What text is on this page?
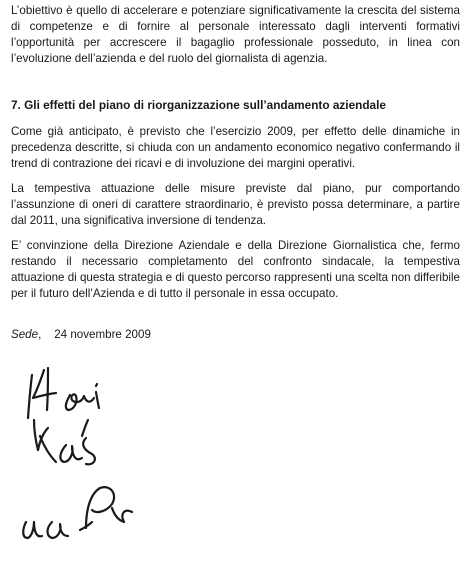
L’obiettivo è quello di accelerare e potenziare significativamente la crescita del sistema di competenze e di fornire al personale interessato dagli interventi formativi l’opportunità per accrescere il bagaglio professionale posseduto, in linea con l’evoluzione dell’azienda e del ruolo del giornalista di agenzia.

7. Gli effetti del piano di riorganizzazione sull’andamento aziendale

Come già anticipato, è previsto che l’esercizio 2009, per effetto delle dinamiche in precedenza descritte, si chiuda con un andamento economico negativo confermando il trend di contrazione dei ricavi e di involuzione dei margini operativi.

La tempestiva attuazione delle misure previste dal piano, pur comportando l’assunzione di oneri di carattere straordinario, è previsto possa determinare, a partire dal 2011, una significativa inversione di tendenza.

E’ convinzione della Direzione Aziendale e della Direzione Giornalistica che, fermo restando il necessario completamento del confronto sindacale, la tempestiva attuazione di questa strategia e di questo percorso rappresenti una scelta non differibile per il futuro dell’Azienda e di tutto il personale in essa occupato.

Sede, 24 novembre 2009
